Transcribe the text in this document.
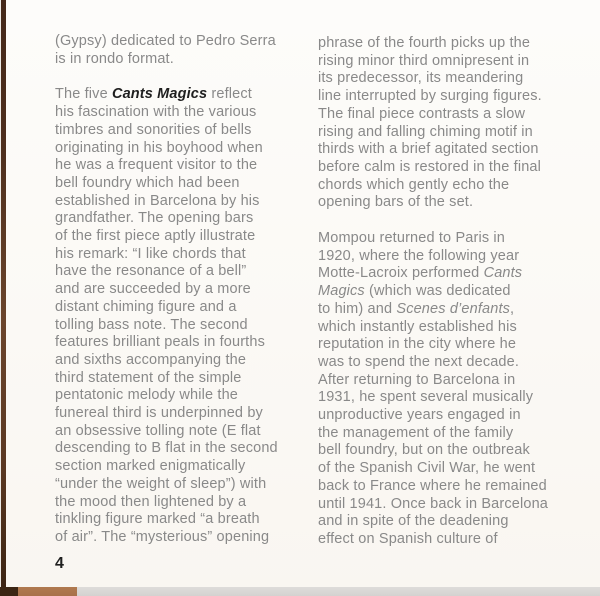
(Gypsy) dedicated to Pedro Serra
is in rondo format.
The five Cants Magics reflect
his fascination with the various
timbres and sonorities of bells
originating in his boyhood when
he was a frequent visitor to the
bell foundry which had been
established in Barcelona by his
grandfather. The opening bars
of the first piece aptly illustrate
his remark: “I like chords that
have the resonance of a bell”
and are succeeded by a more
distant chiming figure and a
tolling bass note. The second
features brilliant peals in fourths
and sixths accompanying the
third statement of the simple
pentatonic melody while the
funereal third is underpinned by
an obsessive tolling note (E flat
descending to B flat in the second
section marked enigmatically
“under the weight of sleep”) with
the mood then lightened by a
tinkling figure marked “a breath
of air”. The “mysterious” opening
phrase of the fourth picks up the
rising minor third omnipresent in
its predecessor, its meandering
line interrupted by surging figures.
The final piece contrasts a slow
rising and falling chiming motif in
thirds with a brief agitated section
before calm is restored in the final
chords which gently echo the
opening bars of the set.
Mompou returned to Paris in
1920, where the following year
Motte-Lacroix performed Cants
Magics (which was dedicated
to him) and Scenes d’enfants,
which instantly established his
reputation in the city where he
was to spend the next decade.
After returning to Barcelona in
1931, he spent several musically
unproductive years engaged in
the management of the family
bell foundry, but on the outbreak
of the Spanish Civil War, he went
back to France where he remained
until 1941. Once back in Barcelona
and in spite of the deadening
effect on Spanish culture of
4
